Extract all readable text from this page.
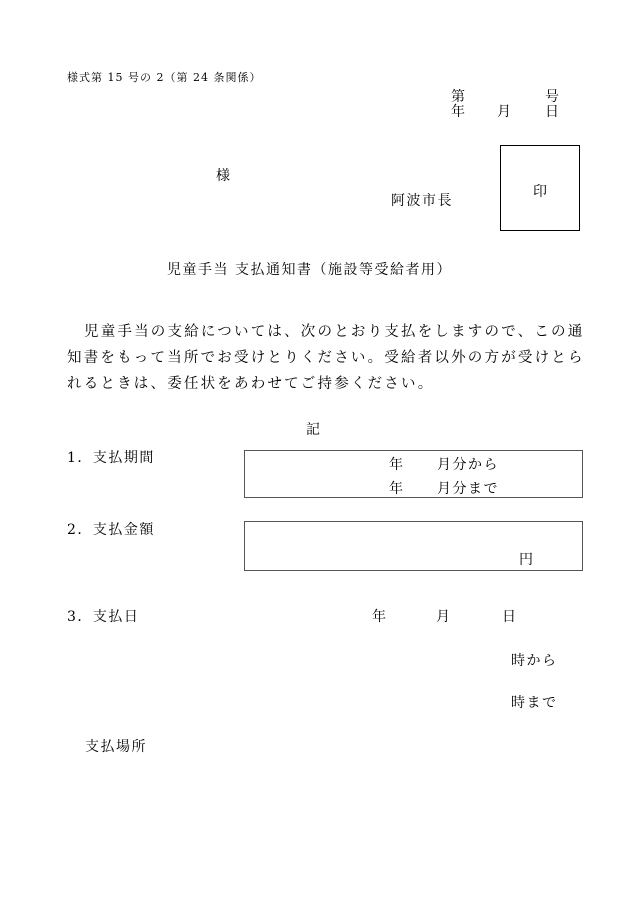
様式第 15 号の 2（第 24 条関係）
第	号
年 月 日
様
阿波市長
印
児童手当 支払通知書（施設等受給者用）
児童手当の支給については、次のとおり支払をしますので、この通
知書をもって当所でお受けとりください。受給者以外の方が受けとら
れるときは、委任状をあわせてご持参ください。
記
1．支払期間	年 月分から
年 月分まで
2．支払金額
円
3．支払日	年	月	日
時から
時まで
支払場所
